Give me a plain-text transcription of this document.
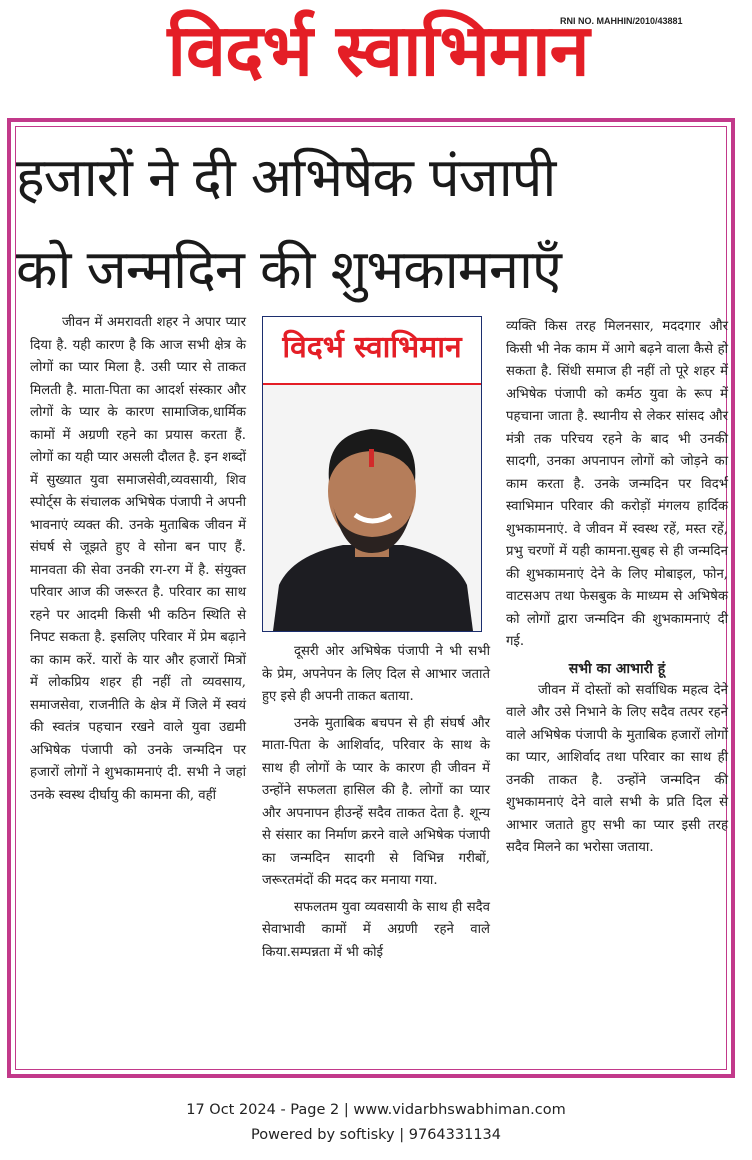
विदर्भ स्वाभिमान
RNI NO. MAHHIN/2010/43881
हजारों ने दी अभिषेक पंजापी
को जन्मदिन की शुभकामनाएँ

जीवन में अमरावती शहर ने अपार प्यार दिया है. यही कारण है कि आज सभी क्षेत्र के लोगों का प्यार मिला है. उसी प्यार से ताकत मिलती है. माता-पिता का आदर्श संस्कार और लोगों के प्यार के कारण सामाजिक,धार्मिक कामों में अग्रणी रहने का प्रयास करता हैं. लोगों का यही प्यार असली दौलत है. इन शब्दों में सुख्यात युवा समाजसेवी,व्यवसायी, शिव स्पोर्ट्स के संचालक अभिषेक पंजापी ने अपनी भावनाएं व्यक्त की. उनके मुताबिक जीवन में संघर्ष से जूझते हुए वे सोना बन पाए हैं. मानवता की सेवा उनकी रग-रग में है. संयुक्त परिवार आज की जरूरत है. परिवार का साथ रहने पर आदमी किसी भी कठिन स्थिति से निपट सकता है. इसलिए परिवार में प्रेम बढ़ाने का काम करें. यारों के यार और हजारों मित्रों में लोकप्रिय शहर ही नहीं तो व्यवसाय, समाजसेवा, राजनीति के क्षेत्र में जिले में स्वयं की स्वतंत्र पहचान रखने वाले युवा उद्यमी अभिषेक पंजापी को उनके जन्मदिन पर हजारों लोगों ने शुभकामनाएं दी. सभी ने जहां उनके स्वस्थ दीर्घायु की कामना की, वहीं

विदर्भ स्वाभिमान

दूसरी ओर अभिषेक पंजापी ने भी सभी के प्रेम, अपनेपन के लिए दिल से आभार जताते हुए इसे ही अपनी ताकत बताया.

उनके मुताबिक बचपन से ही संघर्ष और माता-पिता के आशिर्वाद, परिवार के साथ के साथ ही लोगों के प्यार के कारण ही जीवन में उन्होंने सफलता हासिल की है. लोगों का प्यार और अपनापन हीउन्हें सदैव ताकत देता है. शून्य से संसार का निर्माण क्ररने वाले अभिषेक पंजापी का जन्मदिन सादगी से विभिन्न गरीबों, जरूरतमंदों की मदद कर मनाया गया.

सफलतम युवा व्यवसायी के साथ ही सदैव सेवाभावी कामों में अग्रणी रहने वाले किया.सम्पन्नता में भी कोई

व्यक्ति किस तरह मिलनसार, मददगार और किसी भी नेक काम में आगे बढ़ने वाला कैसे हो सकता है. सिंधी समाज ही नहीं तो पूरे शहर में अभिषेक पंजापी को कर्मठ युवा के रूप में पहचाना जाता है. स्थानीय से लेकर सांसद और मंत्री तक परिचय रहने के बाद भी उनकी सादगी, उनका अपनापन लोगों को जोड़ने का काम करता है. उनके जन्मदिन पर विदर्भ स्वाभिमान परिवार की करोड़ों मंगलय हार्दिक शुभकामनाएं. वे जीवन में स्वस्थ रहें, मस्त रहें, प्रभु चरणों में यही कामना.सुबह से ही जन्मदिन की शुभकामनाएं देने के लिए मोबाइल, फोन, वाटसअप तथा फेसबुक के माध्यम से अभिषेक को लोगों द्वारा जन्मदिन की शुभकामनाएं दी गई.

सभी का आभारी हूं

जीवन में दोस्तों को सर्वाधिक महत्व देने वाले और उसे निभाने के लिए सदैव तत्पर रहने वाले अभिषेक पंजापी के मुताबिक हजारों लोगों का प्यार, आशिर्वाद तथा परिवार का साथ ही उनकी ताकत है. उन्होंने जन्मदिन की शुभकामनाएं देने वाले सभी के प्रति दिल से आभार जताते हुए सभी का प्यार इसी तरह सदैव मिलने का भरोसा जताया.

17 Oct 2024 - Page 2 | www.vidarbhswabhiman.com
Powered by softisky | 9764331134
